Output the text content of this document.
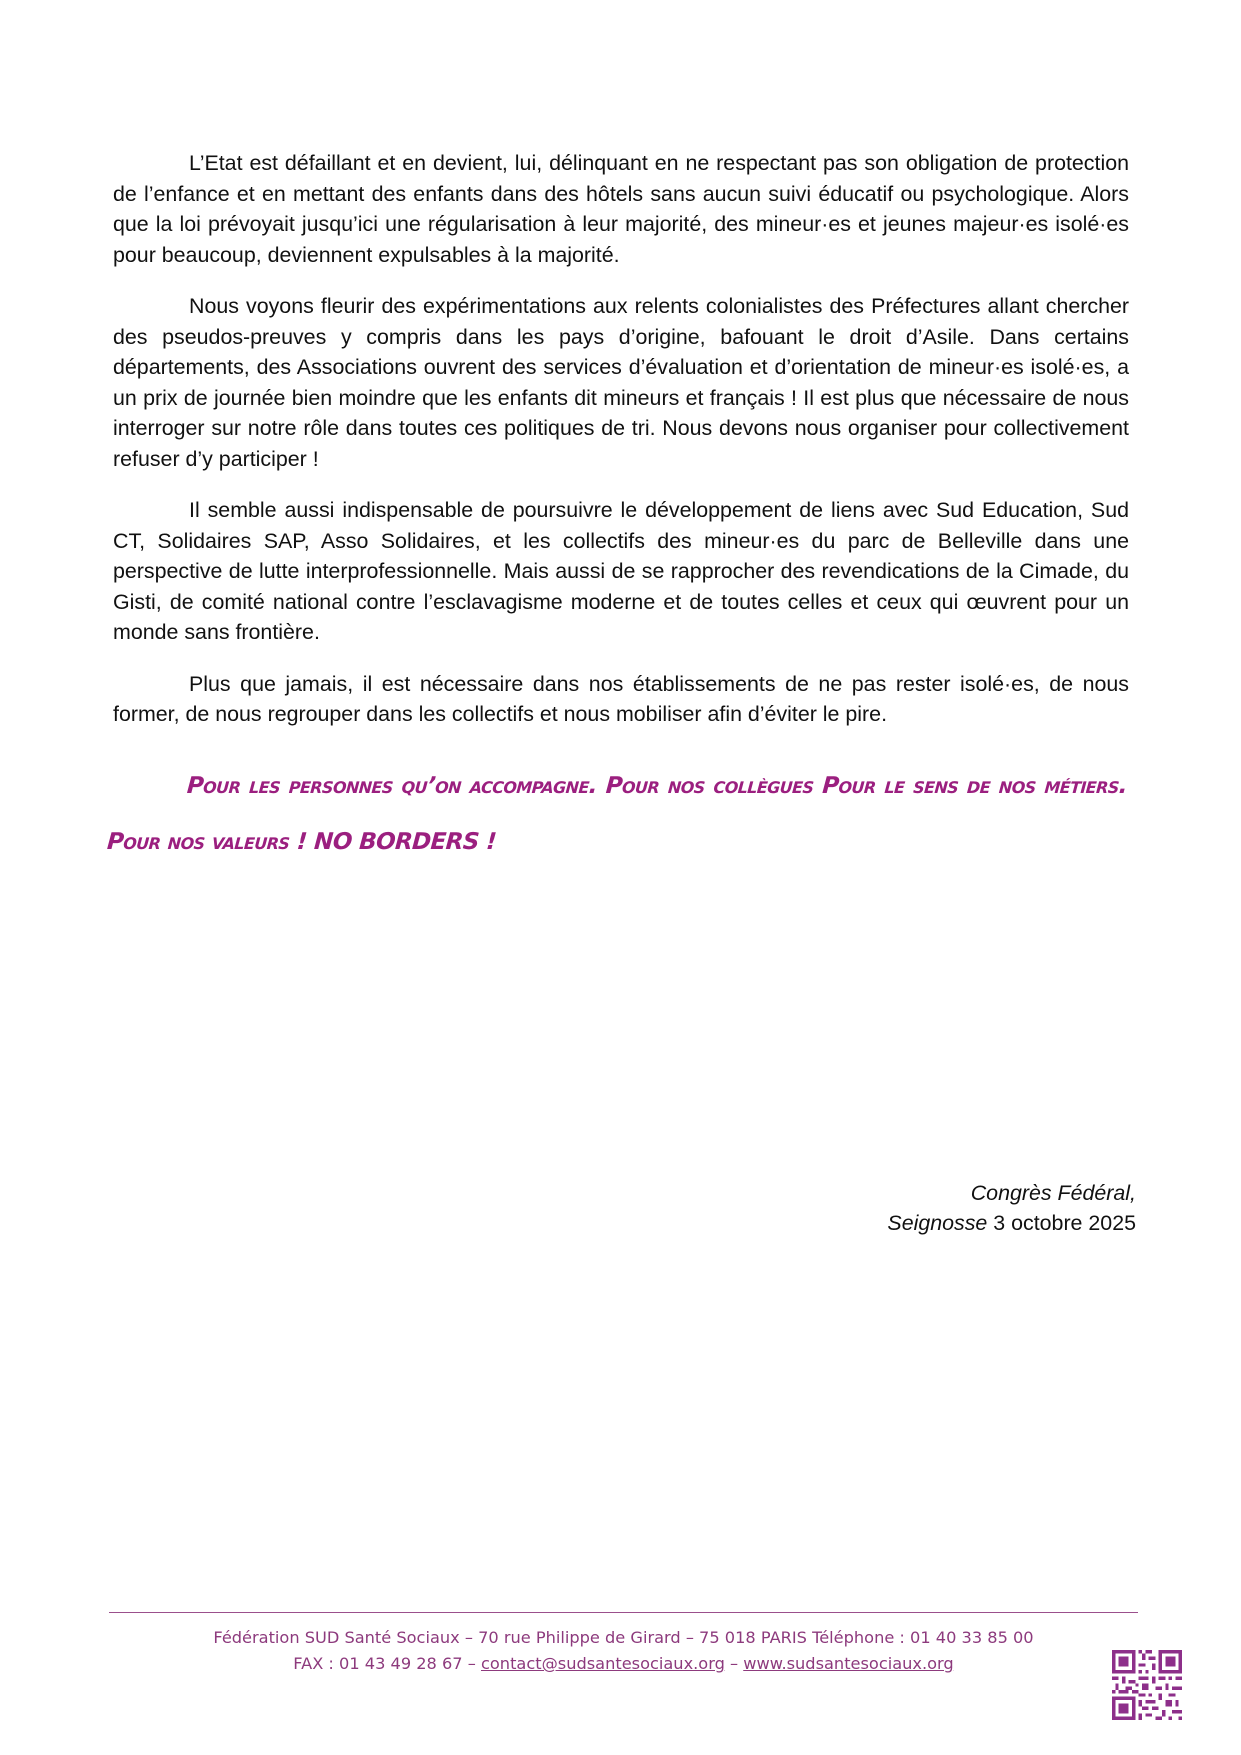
L’Etat est défaillant et en devient, lui, délinquant en ne respectant pas son obligation de protection de l’enfance et en mettant des enfants dans des hôtels sans aucun suivi éducatif ou psychologique. Alors que la loi prévoyait jusqu’ici une régularisation à leur majorité, des mineur·es et jeunes majeur·es isolé·es pour beaucoup, deviennent expulsables à la majorité.

Nous voyons fleurir des expérimentations aux relents colonialistes des Préfectures allant chercher des pseudos-preuves y compris dans les pays d’origine, bafouant le droit d’Asile. Dans certains départements, des Associations ouvrent des services d’évaluation et d’orientation de mineur·es isolé·es, a un prix de journée bien moindre que les enfants dit mineurs et français ! Il est plus que nécessaire de nous interroger sur notre rôle dans toutes ces politiques de tri. Nous devons nous organiser pour collectivement refuser d’y participer !

Il semble aussi indispensable de poursuivre le développement de liens avec Sud Education, Sud CT, Solidaires SAP, Asso Solidaires, et les collectifs des mineur·es du parc de Belleville dans une perspective de lutte interprofessionnelle. Mais aussi de se rapprocher des revendications de la Cimade, du Gisti, de comité national contre l’esclavagisme moderne et de toutes celles et ceux qui œuvrent pour un monde sans frontière.

Plus que jamais, il est nécessaire dans nos établissements de ne pas rester isolé·es, de nous former, de nous regrouper dans les collectifs et nous mobiliser afin d’éviter le pire.

Pour les personnes qu’on accompagne. Pour nos collègues Pour le sens de nos métiers. Pour nos valeurs ! NO BORDERS !
Congrès Fédéral,
Seignosse 3 octobre 2025
Fédération SUD Santé Sociaux – 70 rue Philippe de Girard – 75 018 PARIS Téléphone : 01 40 33 85 00
FAX : 01 43 49 28 67 – contact@sudsantesociaux.org – www.sudsantesociaux.org
